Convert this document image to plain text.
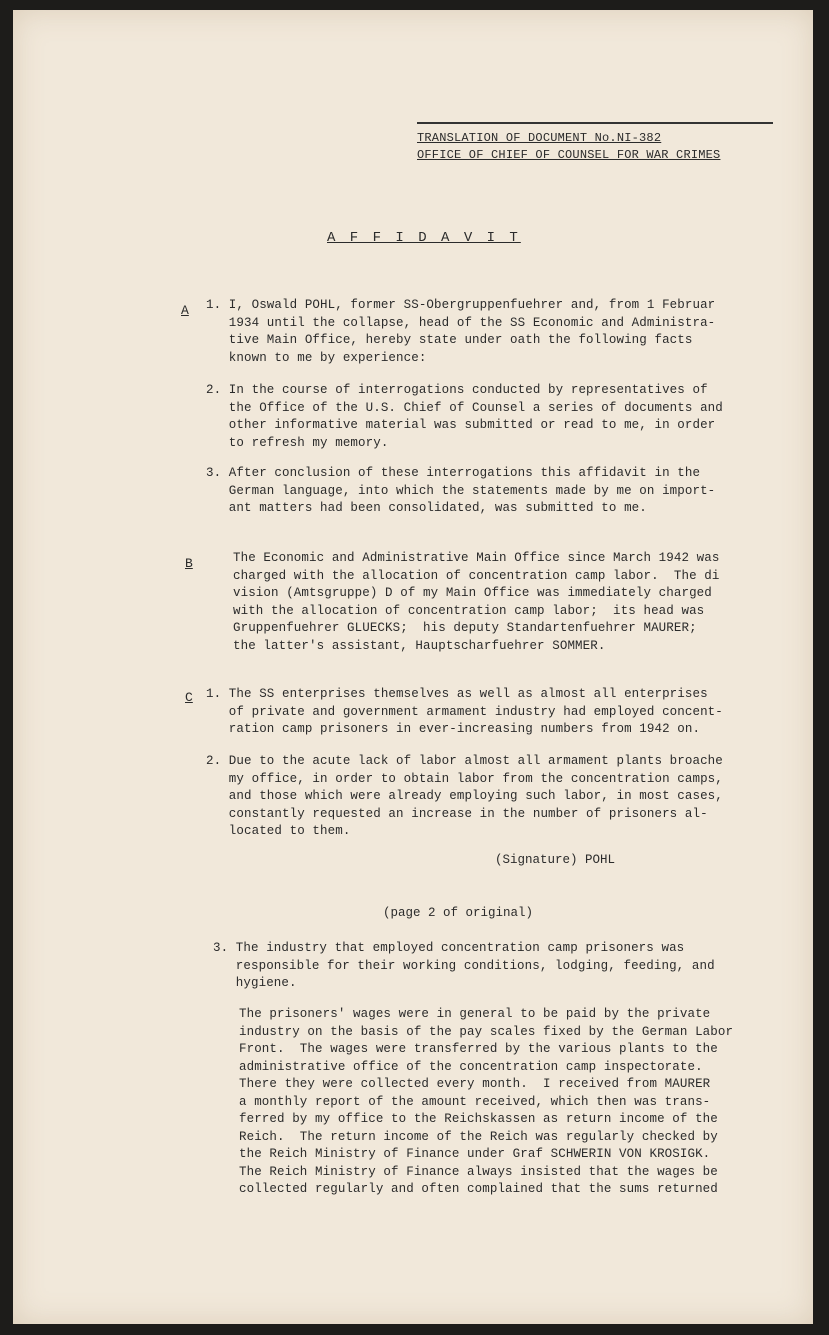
TRANSLATION OF DOCUMENT No.NI-382
OFFICE OF CHIEF OF COUNSEL FOR WAR CRIMES
A F F I D A V I T
A 1. I, Oswald POHL, former SS-Obergruppenfuehrer and, from 1 Februar
1934 until the collapse, head of the SS Economic and Administra-
tive Main Office, hereby state under oath the following facts
known to me by experience:
2. In the course of interrogations conducted by representatives of
the Office of the U.S. Chief of Counsel a series of documents and
other informative material was submitted or read to me, in order
to refresh my memory.
3. After conclusion of these interrogations this affidavit in the
German language, into which the statements made by me on import-
ant matters had been consolidated, was submitted to me.
B	The Economic and Administrative Main Office since March 1942 was
charged with the allocation of concentration camp labor.  The di
vision (Amtsgruppe) D of my Main Office was immediately charged
with the allocation of concentration camp labor;  its head was
Gruppenfuehrer GLUECKS;  his deputy Standartenfuehrer MAURER;
the latter's assistant, Hauptscharfuehrer SOMMER.
C 1. The SS enterprises themselves as well as almost all enterprises
of private and government armament industry had employed concent-
ration camp prisoners in ever-increasing numbers from 1942 on.
2. Due to the acute lack of labor almost all armament plants broache
my office, in order to obtain labor from the concentration camps,
and those which were already employing such labor, in most cases,
constantly requested an increase in the number of prisoners al-
located to them.
(Signature) POHL
(page 2 of original)
3. The industry that employed concentration camp prisoners was
responsible for their working conditions, lodging, feeding, and
hygiene.
The prisoners' wages were in general to be paid by the private
industry on the basis of the pay scales fixed by the German Labor
Front.  The wages were transferred by the various plants to the
administrative office of the concentration camp inspectorate.
There they were collected every month.  I received from MAURER
a monthly report of the amount received, which then was trans-
ferred by my office to the Reichskassen as return income of the
Reich.  The return income of the Reich was regularly checked by
the Reich Ministry of Finance under Graf SCHWERIN VON KROSIGK.
The Reich Ministry of Finance always insisted that the wages be
collected regularly and often complained that the sums returned
